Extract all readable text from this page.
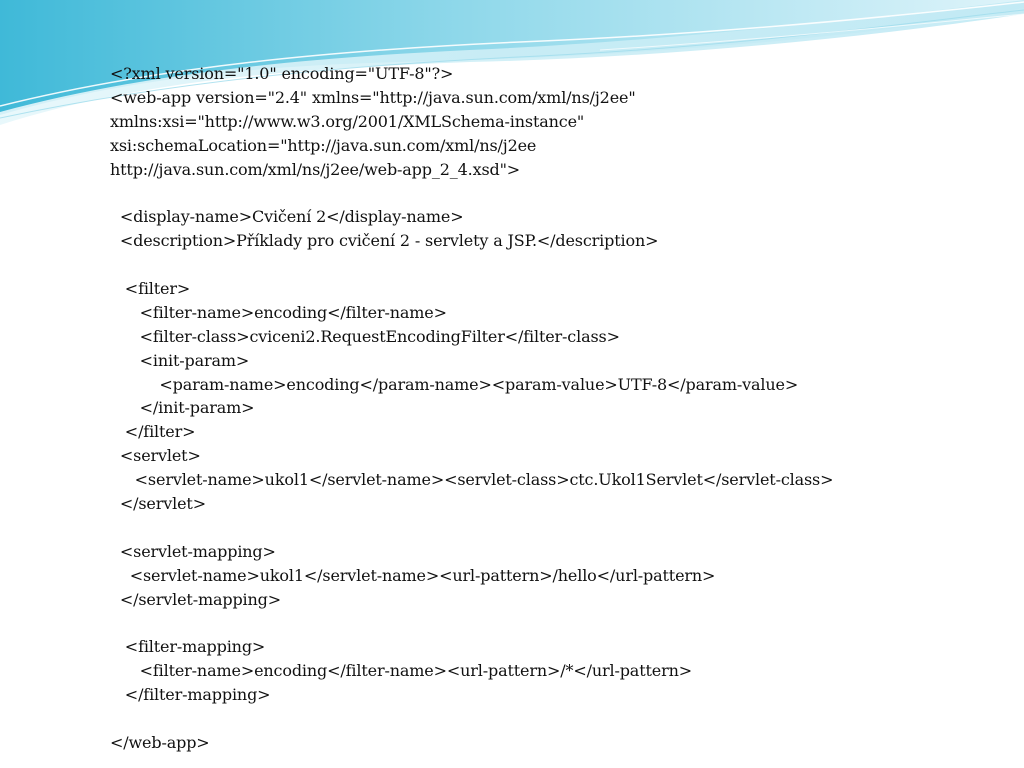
<?xml version="1.0" encoding="UTF-8"?>
<web-app version="2.4" xmlns="http://java.sun.com/xml/ns/j2ee"
xmlns:xsi="http://www.w3.org/2001/XMLSchema-instance"
xsi:schemaLocation="http://java.sun.com/xml/ns/j2ee
http://java.sun.com/xml/ns/j2ee/web-app_2_4.xsd">
<display-name>Cvičení 2</display-name>
<description>Příklady pro cvičení 2 - servlety a JSP.</description>
<filter>
<filter-name>encoding</filter-name>
<filter-class>cviceni2.RequestEncodingFilter</filter-class>
<init-param>
<param-name>encoding</param-name><param-value>UTF-8</param-value>
</init-param>
</filter>
<servlet>
<servlet-name>ukol1</servlet-name><servlet-class>ctc.Ukol1Servlet</servlet-class>
</servlet>
<servlet-mapping>
<servlet-name>ukol1</servlet-name><url-pattern>/hello</url-pattern>
</servlet-mapping>
<filter-mapping>
<filter-name>encoding</filter-name><url-pattern>/*</url-pattern>
</filter-mapping>
</web-app>
